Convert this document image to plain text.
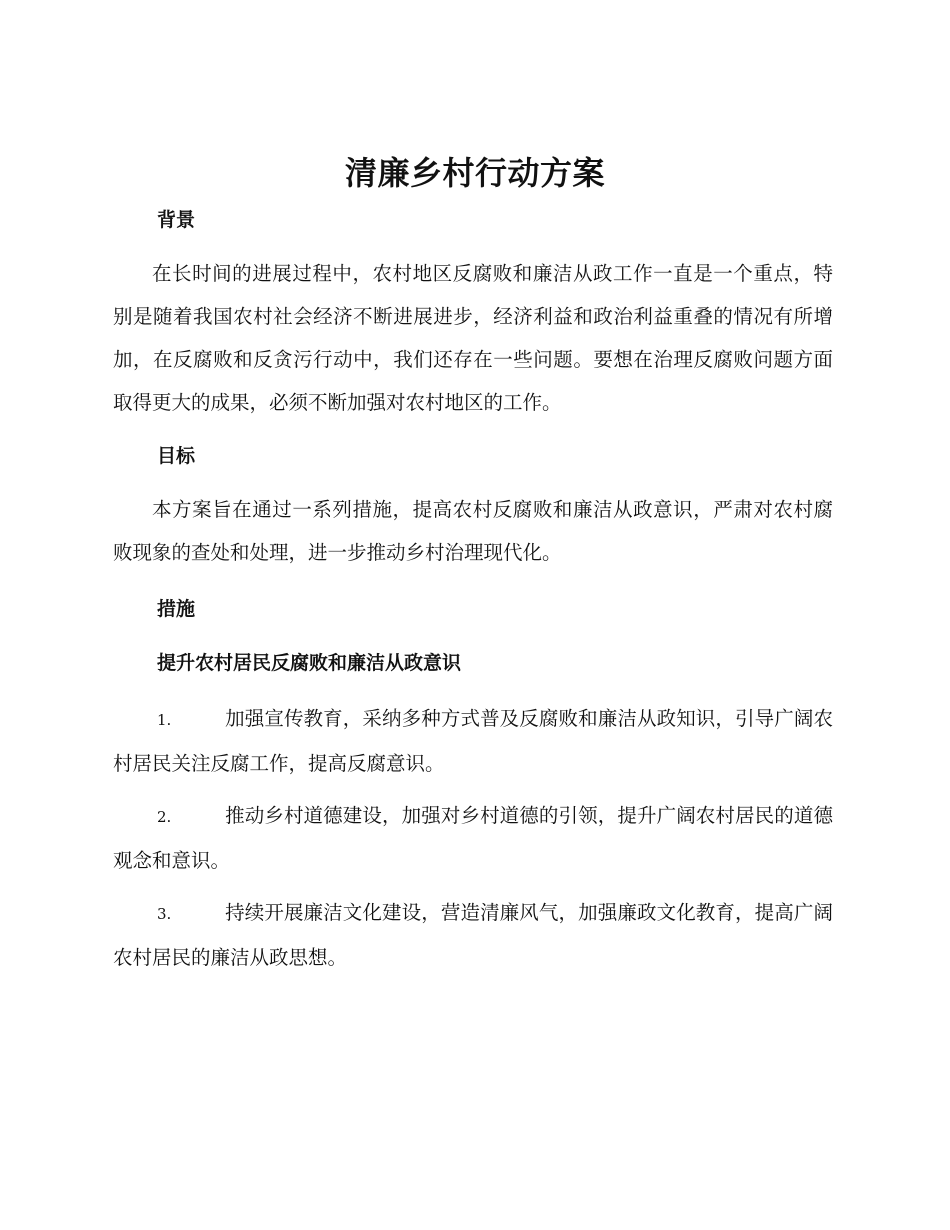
清廉乡村行动方案
背景
在长时间的进展过程中，农村地区反腐败和廉洁从政工作一直是一个重点，特别是随着我国农村社会经济不断进展进步，经济利益和政治利益重叠的情况有所增加，在反腐败和反贪污行动中，我们还存在一些问题。要想在治理反腐败问题方面取得更大的成果，必须不断加强对农村地区的工作。
目标
本方案旨在通过一系列措施，提高农村反腐败和廉洁从政意识，严肃对农村腐败现象的查处和处理，进一步推动乡村治理现代化。
措施
提升农村居民反腐败和廉洁从政意识
1.	加强宣传教育，采纳多种方式普及反腐败和廉洁从政知识，引导广阔农村居民关注反腐工作，提高反腐意识。
2.	推动乡村道德建设，加强对乡村道德的引领，提升广阔农村居民的道德观念和意识。
3.	持续开展廉洁文化建设，营造清廉风气，加强廉政文化教育，提高广阔农村居民的廉洁从政思想。
